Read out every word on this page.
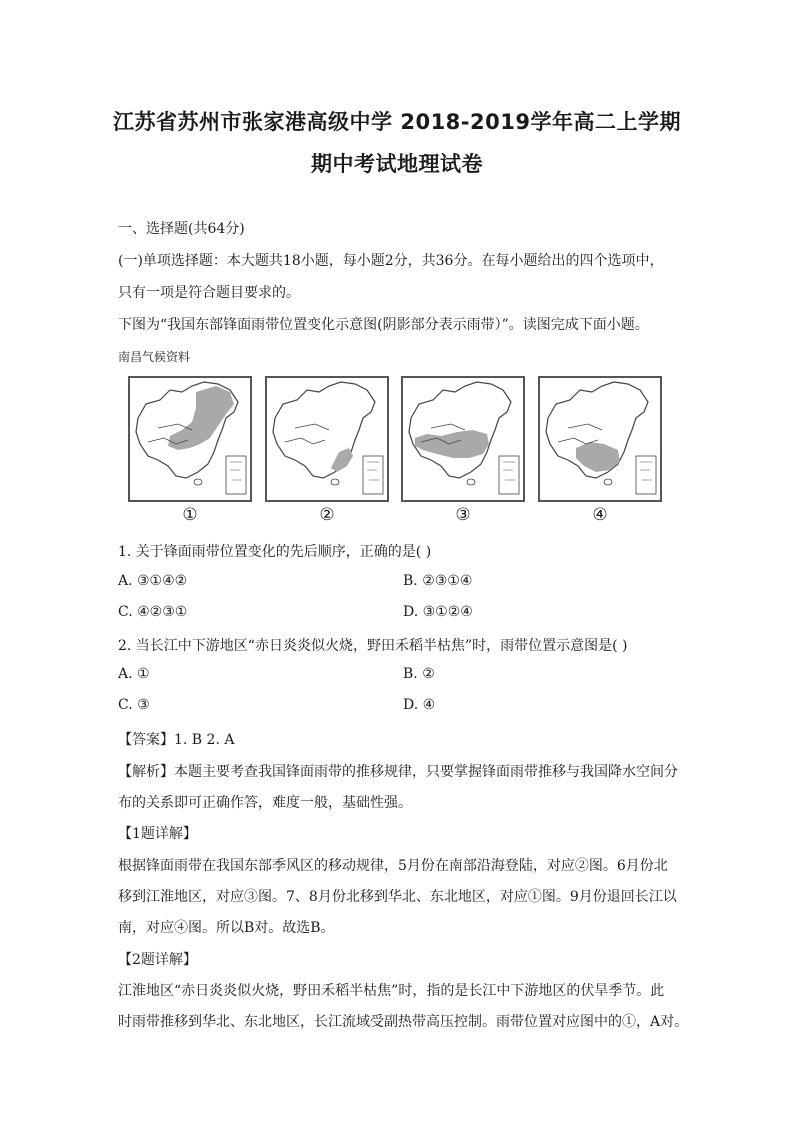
江苏省苏州市张家港高级中学 2018-2019学年高二上学期
期中考试地理试卷
一、选择题(共64分)
(一)单项选择题：本大题共18小题，每小题2分，共36分。在每小题给出的四个选项中，
只有一项是符合题目要求的。
下图为“我国东部锋面雨带位置变化示意图(阴影部分表示雨带）”。读图完成下面小题。
南昌气候资料
①	②	③	④
1. 关于锋面雨带位置变化的先后顺序，正确的是( )
A. ③①④②	B. ②③①④
C. ④②③①	D. ③①②④
2. 当长江中下游地区“赤日炎炎似火烧，野田禾稻半枯焦”时，雨带位置示意图是( )
A. ①	B. ②
C. ③	D. ④
【答案】1. B 2. A
【解析】本题主要考查我国锋面雨带的推移规律，只要掌握锋面雨带推移与我国降水空间分
布的关系即可正确作答，难度一般，基础性强。
【1题详解】
根据锋面雨带在我国东部季风区的移动规律，5月份在南部沿海登陆，对应②图。6月份北
移到江淮地区，对应③图。7、8月份北移到华北、东北地区，对应①图。9月份退回长江以
南，对应④图。所以B对。故选B。
【2题详解】
江淮地区“赤日炎炎似火烧，野田禾稻半枯焦”时，指的是长江中下游地区的伏旱季节。此
时雨带推移到华北、东北地区，长江流域受副热带高压控制。雨带位置对应图中的①，A对。
